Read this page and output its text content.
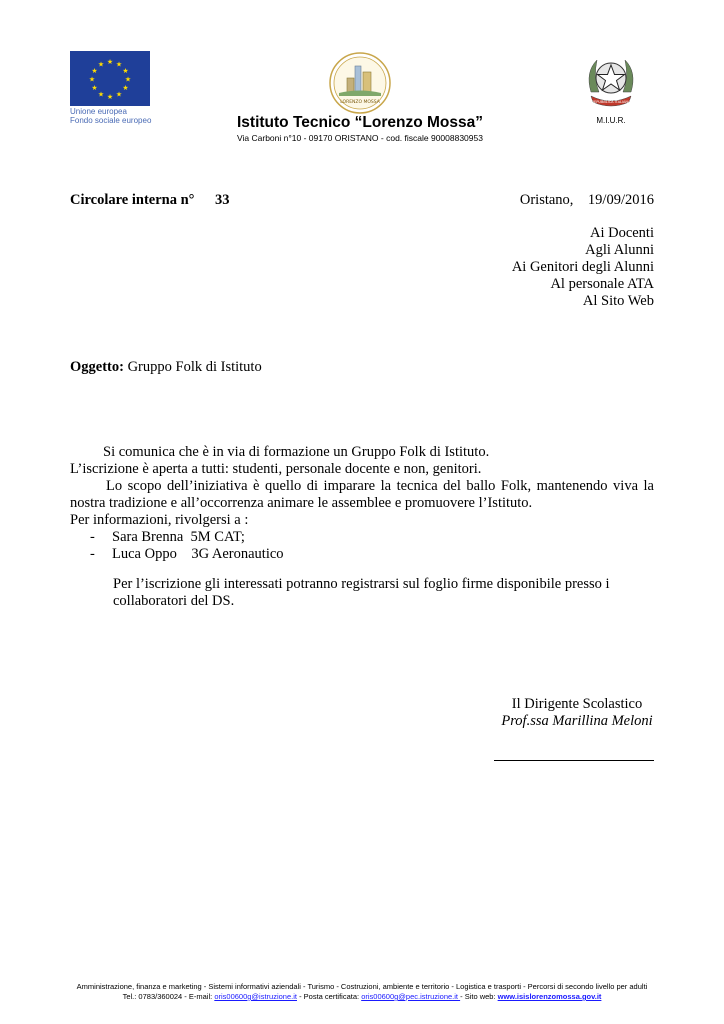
★ ★
★
★
★
★
★
★
★
★
★
★
Unione europea
Fondo sociale europeo
LORENZO MOSSA	REPUBBLICA ITALIANA
M.I.U.R.
Istituto Tecnico “Lorenzo Mossa”
Via Carboni n°10 - 09170 ORISTANO - cod. fiscale 90008830953
Circolare interna n° 33	Oristano,    19/09/2016
Ai Docenti
Agli Alunni
Ai Genitori degli Alunni
Al personale ATA
Al Sito Web
Oggetto: Gruppo Folk di Istituto
Si comunica che è in via di formazione un Gruppo Folk di Istituto.
L’iscrizione è aperta a tutti: studenti, personale docente e non, genitori.
Lo scopo dell’iniziativa è quello di imparare la tecnica del ballo Folk, mantenendo viva la nostra tradizione e all’occorrenza animare le assemblee e promuovere l’Istituto.
Per informazioni, rivolgersi a :
-	Sara Brenna  5M CAT;
-	Luca Oppo    3G Aeronautico
Per l’iscrizione gli interessati potranno registrarsi sul foglio firme disponibile presso i collaboratori del DS.
Il Dirigente Scolastico
Prof.ssa Marillina Meloni
Amministrazione, finanza e marketing - Sistemi informativi aziendali - Turismo - Costruzioni, ambiente e territorio - Logistica e trasporti - Percorsi di secondo livello per adulti
Tel.: 0783/360024 - E-mail: oris00600g@istruzione.it - Posta certificata: oris00600g@pec.istruzione.it - Sito web: www.isislorenzomossa.gov.it
